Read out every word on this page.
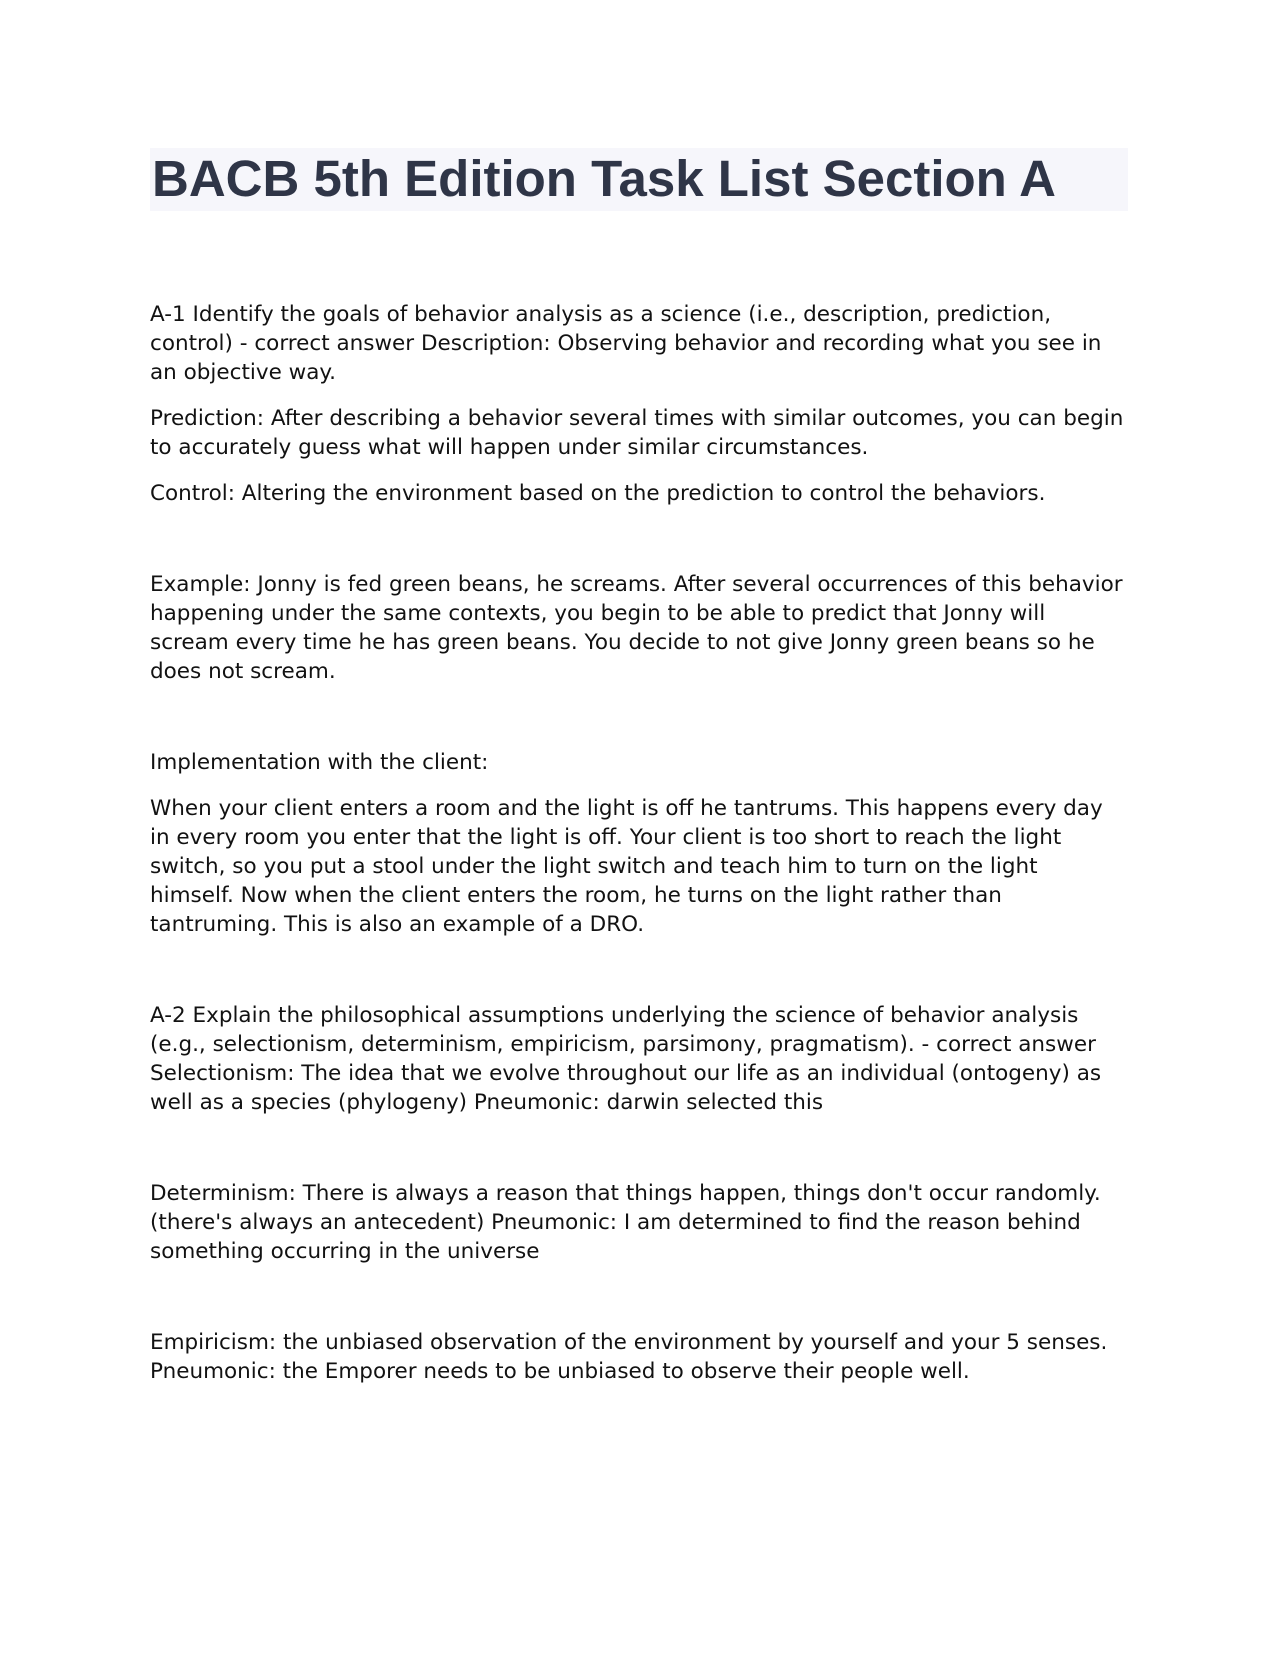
BACB 5th Edition Task List Section A

A-1 Identify the goals of behavior analysis as a science (i.e., description, prediction, control) - correct answer Description: Observing behavior and recording what you see in an objective way.

Prediction: After describing a behavior several times with similar outcomes, you can begin to accurately guess what will happen under similar circumstances.

Control: Altering the environment based on the prediction to control the behaviors.

Example: Jonny is fed green beans, he screams. After several occurrences of this behavior happening under the same contexts, you begin to be able to predict that Jonny will scream every time he has green beans. You decide to not give Jonny green beans so he does not scream.

Implementation with the client:

When your client enters a room and the light is off he tantrums. This happens every day in every room you enter that the light is off. Your client is too short to reach the light switch, so you put a stool under the light switch and teach him to turn on the light himself. Now when the client enters the room, he turns on the light rather than tantruming. This is also an example of a DRO.

A-2 Explain the philosophical assumptions underlying the science of behavior analysis (e.g., selectionism, determinism, empiricism, parsimony, pragmatism). - correct answer Selectionism: The idea that we evolve throughout our life as an individual (ontogeny) as well as a species (phylogeny) Pneumonic: darwin selected this

Determinism: There is always a reason that things happen, things don't occur randomly. (there's always an antecedent) Pneumonic: I am determined to find the reason behind something occurring in the universe

Empiricism: the unbiased observation of the environment by yourself and your 5 senses. Pneumonic: the Emporer needs to be unbiased to observe their people well.
